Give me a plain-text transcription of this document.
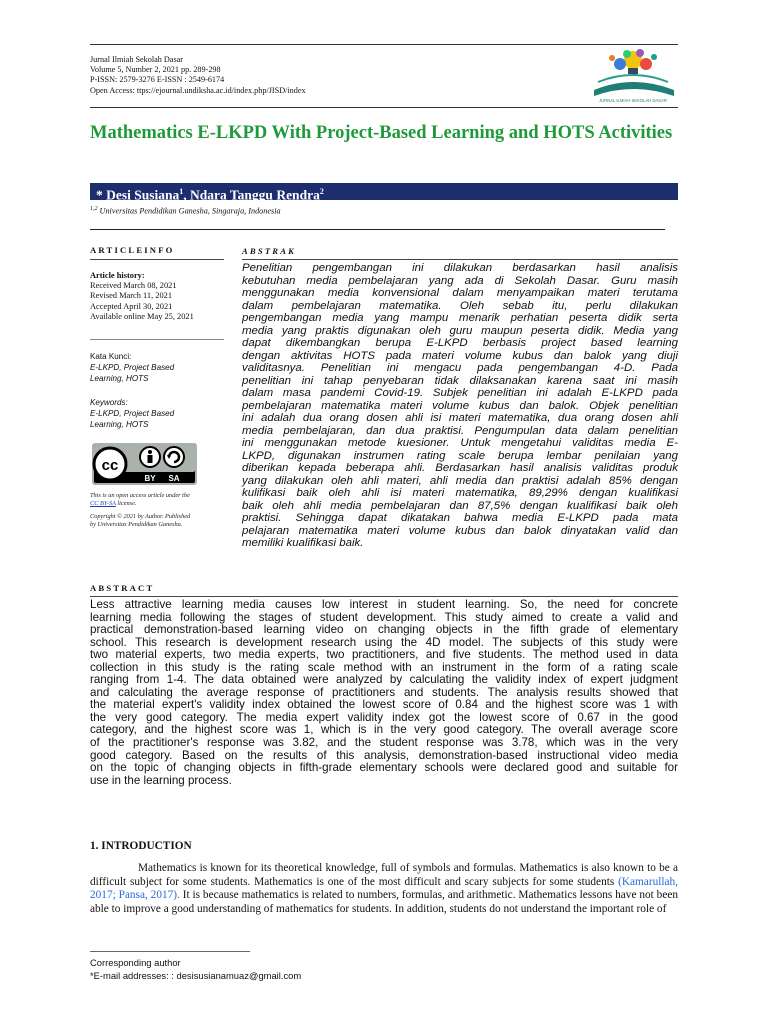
Jurnal Ilmiah Sekolah Dasar
Volume 5, Number 2, 2021 pp. 289-298
P-ISSN: 2579-3276 E-ISSN : 2549-6174
Open Access: ttps://ejournal.undiksha.ac.id/index.php/JISD/index
JURNAL ILMIAH SEKOLAH DASAR
Mathematics E-LKPD With Project-Based Learning and HOTS Activities
* Desi Susiana$^1$, Ndara Tanggu Rendra$^2$
$^{1,2}$ Universitas Pendidikan Ganesha, Singaraja, Indonesia
ARTICLEINFO
Article history:
Received March 08, 2021
Revised March 11, 2021
Accepted April 30, 2021
Available online May 25, 2021
Kata Kunci:
E-LKPD, Project Based
Learning, HOTS
Keywords:
E-LKPD, Project Based
Learning, HOTS
cc
BY SA
This is an open access article under the
CC BY-SA license.
Copyright © 2021 by Author. Published
by Universitas Pendidikan Ganesha.
ABSTRAK
Penelitian pengembangan ini dilakukan berdasarkan hasil analisis
kebutuhan media pembelajaran yang ada di Sekolah Dasar. Guru masih
menggunakan media konvensional dalam menyampaikan materi terutama
dalam pembelajaran matematika. Oleh sebab itu, perlu dilakukan
pengembangan media yang mampu menarik perhatian peserta didik serta
media yang praktis digunakan oleh guru maupun peserta didik. Media yang
dapat dikembangkan berupa E-LKPD berbasis project based learning
dengan aktivitas HOTS pada materi volume kubus dan balok yang diuji
validitasnya. Penelitian ini mengacu pada pengembangan 4-D. Pada
penelitian ini tahap penyebaran tidak dilaksanakan karena saat ini masih
dalam masa pandemi Covid-19. Subjek penelitian ini adalah E-LKPD pada
pembelajaran matematika materi volume kubus dan balok. Objek penelitian
ini adalah dua orang dosen ahli isi materi matematika, dua orang dosen ahli
media pembelajaran, dan dua praktisi. Pengumpulan data dalam penelitian
ini menggunakan metode kuesioner. Untuk mengetahui validitas media E-
LKPD, digunakan instrumen rating scale berupa lembar penilaian yang
diberikan kepada beberapa ahli. Berdasarkan hasil analisis validitas produk
yang dilakukan oleh ahli materi, ahli media dan praktisi adalah 85% dengan
kulifikasi baik oleh ahli isi materi matematika, 89,29% dengan kualifikasi
baik oleh ahli media pembelajaran dan 87,5% dengan kualifikasi baik oleh
praktisi. Sehingga dapat dikatakan bahwa media E-LKPD pada mata
pelajaran matematika materi volume kubus dan balok dinyatakan valid dan
memiliki kualifikasi baik.
ABSTRACT
Less attractive learning media causes low interest in student learning. So, the need for concrete
learning media following the stages of student development. This study aimed to create a valid and
practical demonstration-based learning video on changing objects in the fifth grade of elementary
school. This research is development research using the 4D model. The subjects of this study were
two material experts, two media experts, two practitioners, and five students. The method used in data
collection in this study is the rating scale method with an instrument in the form of a rating scale
ranging from 1-4. The data obtained were analyzed by calculating the validity index of expert judgment
and calculating the average response of practitioners and students. The analysis results showed that
the material expert's validity index obtained the lowest score of 0.84 and the highest score was 1 with
the very good category. The media expert validity index got the lowest score of 0.67 in the good
category, and the highest score was 1, which is in the very good category. The overall average score
of the practitioner's response was 3.82, and the student response was 3.78, which was in the very
good category. Based on the results of this analysis, demonstration-based instructional video media
on the topic of changing objects in fifth-grade elementary schools were declared good and suitable for
use in the learning process.
1. INTRODUCTION
Mathematics is known for its theoretical knowledge, full of symbols and formulas. Mathematics is also known to be a difficult subject for some students. Mathematics is one of the most difficult and scary subjects for some students (Kamarullah, 2017; Pansa, 2017). It is because mathematics is related to numbers, formulas, and arithmetic. Mathematics lessons have not been able to improve a good understanding of mathematics for students. In addition, students do not understand the important role of
Corresponding author
*E-mail addresses: : desisusianamuaz@gmail.com
